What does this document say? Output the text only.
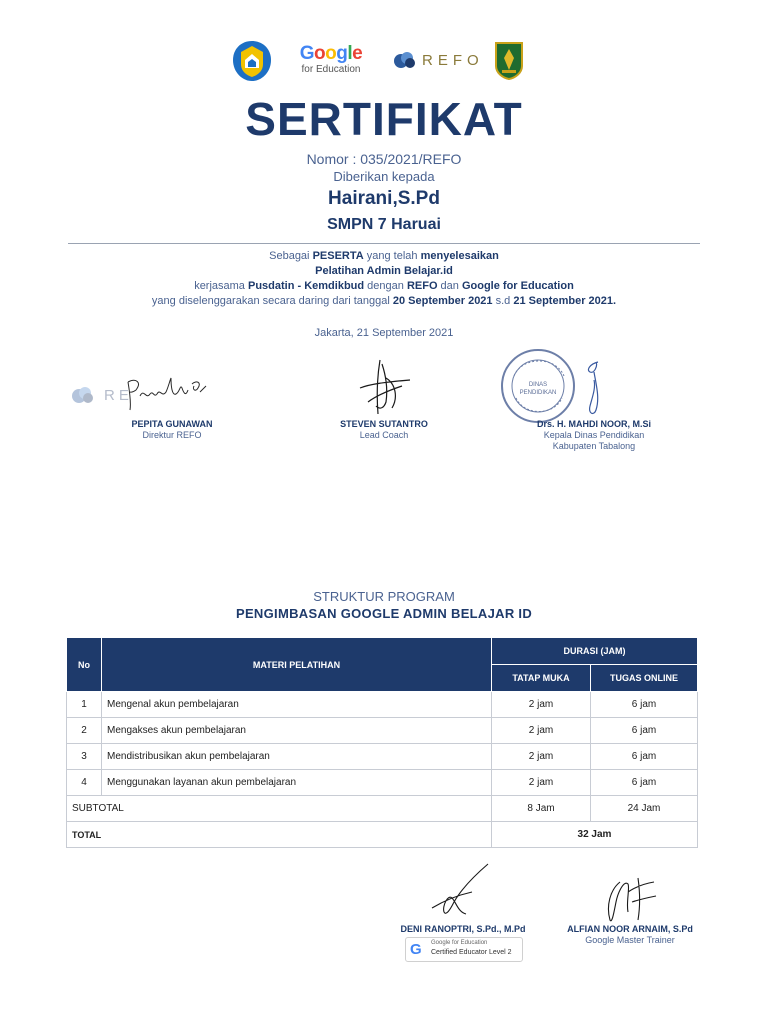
Google
for Education
REFO
SERTIFIKAT
Nomor : 035/2021/REFO
Diberikan kepada
Hairani,S.Pd
SMPN 7 Haruai
Sebagai PESERTA yang telah menyelesaikan
Pelatihan Admin Belajar.id
kerjasama Pusdatin - Kemdikbud dengan REFO dan Google for Education
yang diselenggarakan secara daring dari tanggal 20 September 2021 s.d 21 September 2021.
Jakarta, 21 September 2021
RE
PEPITA GUNAWAN
Direktur REFO
STEVEN SUTANTRO
Lead Coach
DINAS PENDIDIKAN
Drs. H. MAHDI NOOR, M.Si
Kepala Dinas Pendidikan
Kabupaten Tabalong
STRUKTUR PROGRAM
PENGIMBASAN GOOGLE ADMIN BELAJAR ID
No	MATERI PELATIHAN	DURASI (JAM)	
		TATAP MUKA	TUGAS ONLINE
1	Mengenal akun pembelajaran	2 jam	6 jam
2	Mengakses akun pembelajaran	2 jam	6 jam
3	Mendistribusikan akun pembelajaran	2 jam	6 jam
4	Menggunakan layanan akun pembelajaran	2 jam	6 jam
SUBTOTAL		8 Jam	24 Jam
TOTAL		32 Jam	
DENI RANOPTRI, S.Pd., M.Pd
G Google for Education
Certified Educator Level 2
ALFIAN NOOR ARNAIM, S.Pd
Google Master Trainer
